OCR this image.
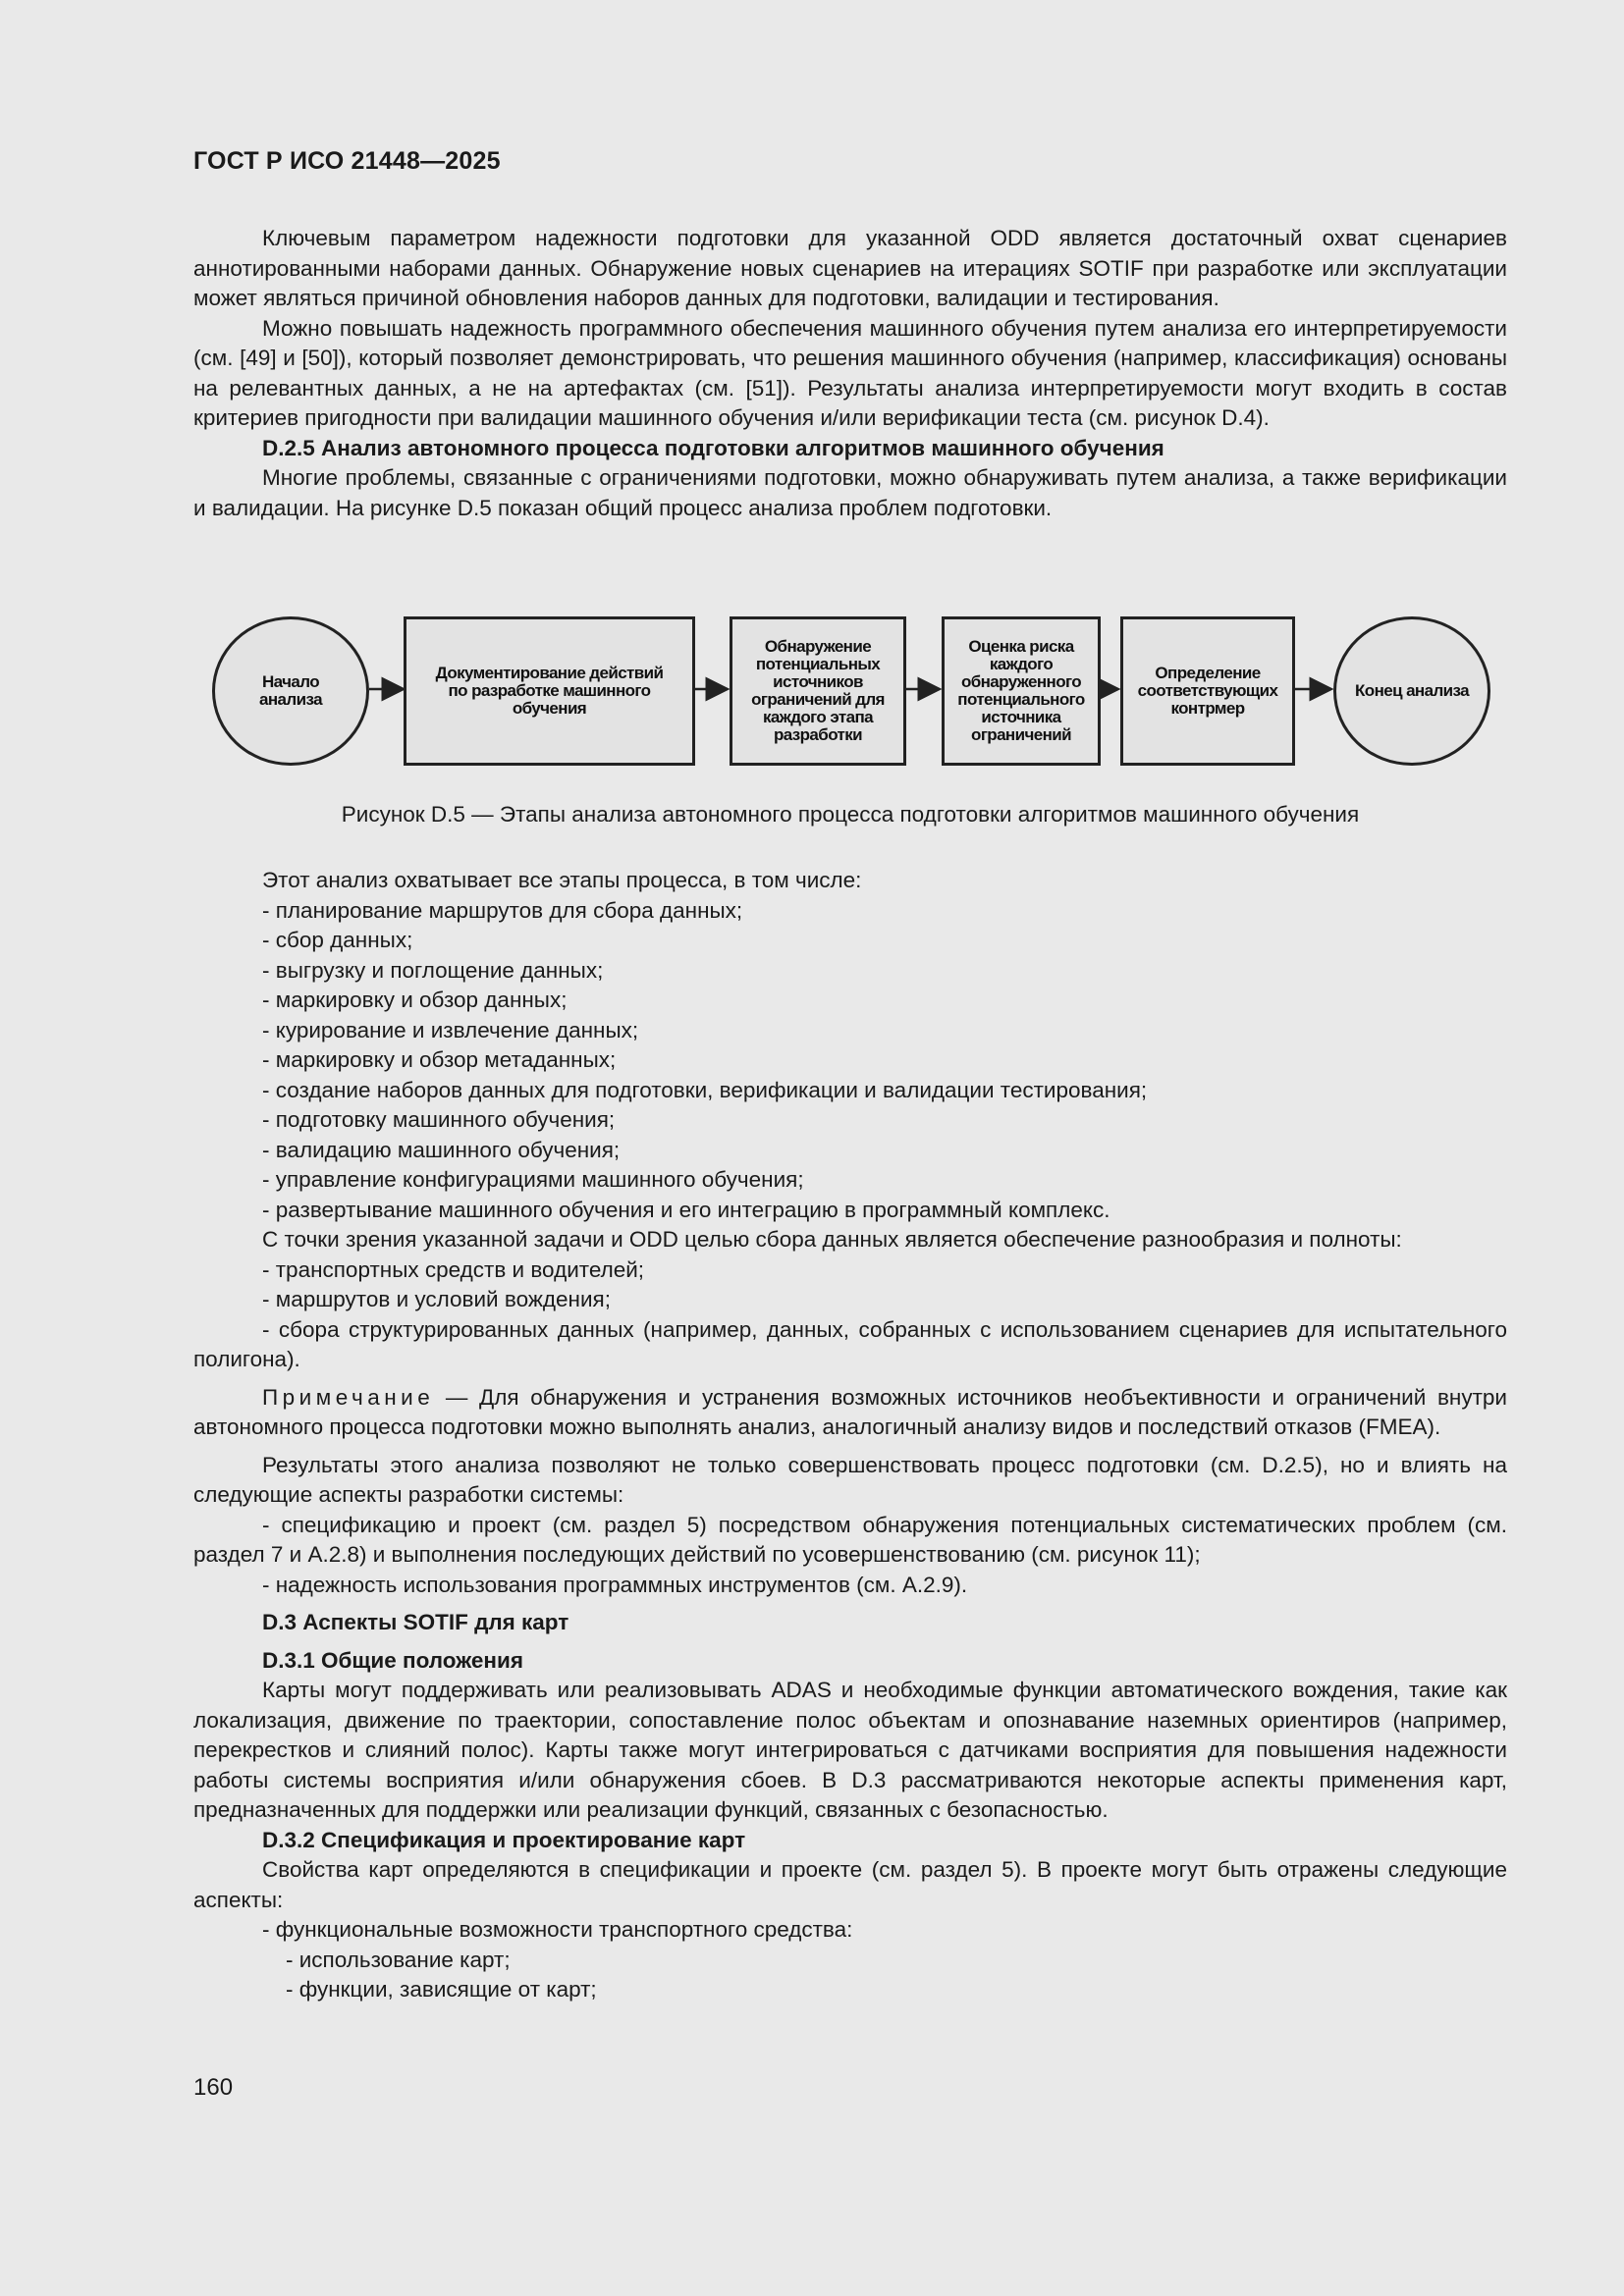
ГОСТ Р ИСО 21448—2025

Ключевым параметром надежности подготовки для указанной ODD является достаточный охват сценариев аннотированными наборами данных. Обнаружение новых сценариев на итерациях SOTIF при разработке или эксплуатации может являться причиной обновления наборов данных для подготовки, валидации и тестирования.

Можно повышать надежность программного обеспечения машинного обучения путем анализа его интерпретируемости (см. [49] и [50]), который позволяет демонстрировать, что решения машинного обучения (например, классификация) основаны на релевантных данных, а не на артефактах (см. [51]). Результаты анализа интерпретируемости могут входить в состав критериев пригодности при валидации машинного обучения и/или верификации теста (см. рисунок D.4).

D.2.5 Анализ автономного процесса подготовки алгоритмов машинного обучения

Многие проблемы, связанные с ограничениями подготовки, можно обнаруживать путем анализа, а также верификации и валидации. На рисунке D.5 показан общий процесс анализа проблем подготовки.

Начало
анализа
Документирование действий
по разработке машинного
обучения
Обнаружение
потенциальных
источников
ограничений для
каждого этапа
разработки
Оценка риска
каждого
обнаруженного
потенциального
источника
ограничений
Определение
соответствующих
контрмер
Конец анализа
Рисунок D.5 — Этапы анализа автономного процесса подготовки алгоритмов машинного обучения

Этот анализ охватывает все этапы процесса, в том числе:

- планирование маршрутов для сбора данных;

- сбор данных;

- выгрузку и поглощение данных;

- маркировку и обзор данных;

- курирование и извлечение данных;

- маркировку и обзор метаданных;

- создание наборов данных для подготовки, верификации и валидации тестирования;

- подготовку машинного обучения;

- валидацию машинного обучения;

- управление конфигурациями машинного обучения;

- развертывание машинного обучения и его интеграцию в программный комплекс.

С точки зрения указанной задачи и ODD целью сбора данных является обеспечение разнообразия и полноты:

- транспортных средств и водителей;

- маршрутов и условий вождения;

- сбора структурированных данных (например, данных, собранных с использованием сценариев для испытательного полигона).

Примечание — Для обнаружения и устранения возможных источников необъективности и ограничений внутри автономного процесса подготовки можно выполнять анализ, аналогичный анализу видов и последствий отказов (FMEA).

Результаты этого анализа позволяют не только совершенствовать процесс подготовки (см. D.2.5), но и влиять на следующие аспекты разработки системы:

- спецификацию и проект (см. раздел 5) посредством обнаружения потенциальных систематических проблем (см. раздел 7 и А.2.8) и выполнения последующих действий по усовершенствованию (см. рисунок 11);

- надежность использования программных инструментов (см. А.2.9).

D.3 Аспекты SOTIF для карт

D.3.1 Общие положения

Карты могут поддерживать или реализовывать ADAS и необходимые функции автоматического вождения, такие как локализация, движение по траектории, сопоставление полос объектам и опознавание наземных ориентиров (например, перекрестков и слияний полос). Карты также могут интегрироваться с датчиками восприятия для повышения надежности работы системы восприятия и/или обнаружения сбоев. В D.3 рассматриваются некоторые аспекты применения карт, предназначенных для поддержки или реализации функций, связанных с безопасностью.

D.3.2 Спецификация и проектирование карт

Свойства карт определяются в спецификации и проекте (см. раздел 5). В проекте могут быть отражены следующие аспекты:

- функциональные возможности транспортного средства:

- использование карт;

- функции, зависящие от карт;

160
